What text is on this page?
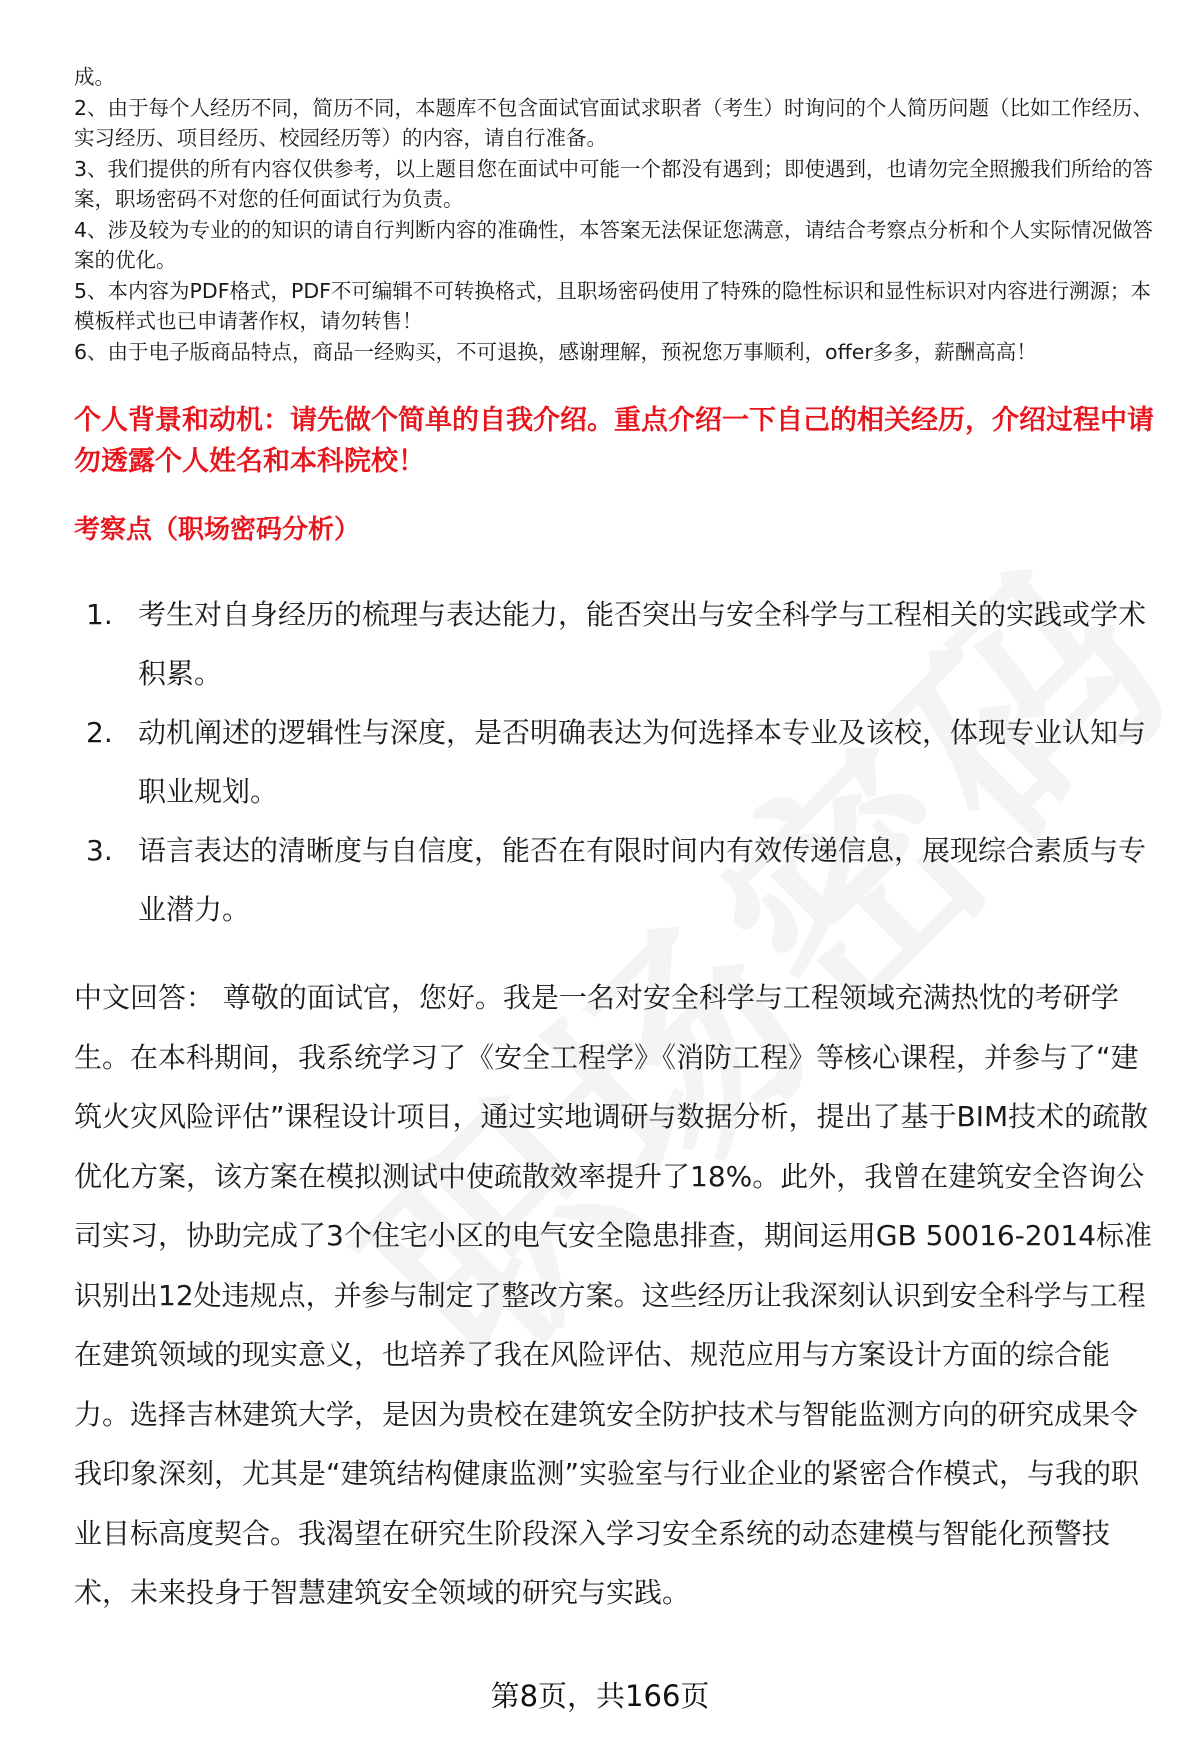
成。

2、由于每个人经历不同，简历不同，本题库不包含面试官面试求职者（考生）时询问的个人简历问题（比如工作经历、实习经历、项目经历、校园经历等）的内容，请自行准备。

3、我们提供的所有内容仅供参考，以上题目您在面试中可能一个都没有遇到；即使遇到，也请勿完全照搬我们所给的答案，职场密码不对您的任何面试行为负责。

4、涉及较为专业的的知识的请自行判断内容的准确性，本答案无法保证您满意，请结合考察点分析和个人实际情况做答案的优化。

5、本内容为PDF格式，PDF不可编辑不可转换格式，且职场密码使用了特殊的隐性标识和显性标识对内容进行溯源；本模板样式也已申请著作权，请勿转售！

6、由于电子版商品特点，商品一经购买，不可退换，感谢理解，预祝您万事顺利，offer多多，薪酬高高！

个人背景和动机：请先做个简单的自我介绍。重点介绍一下自己的相关经历，介绍过程中请勿透露个人姓名和本科院校！
考察点（职场密码分析）
1. 考生对自身经历的梳理与表达能力，能否突出与安全科学与工程相关的实践或学术积累。
2. 动机阐述的逻辑性与深度，是否明确表达为何选择本专业及该校，体现专业认知与职业规划。
3. 语言表达的清晰度与自信度，能否在有限时间内有效传递信息，展现综合素质与专业潜力。

中文回答： 尊敬的面试官，您好。我是一名对安全科学与工程领域充满热忱的考研学生。在本科期间，我系统学习了《安全工程学》《消防工程》等核心课程，并参与了“建筑火灾风险评估”课程设计项目，通过实地调研与数据分析，提出了基于BIM技术的疏散优化方案，该方案在模拟测试中使疏散效率提升了18%。此外，我曾在建筑安全咨询公司实习，协助完成了3个住宅小区的电气安全隐患排查，期间运用GB 50016-2014标准识别出12处违规点，并参与制定了整改方案。这些经历让我深刻认识到安全科学与工程在建筑领域的现实意义，也培养了我在风险评估、规范应用与方案设计方面的综合能力。选择吉林建筑大学，是因为贵校在建筑安全防护技术与智能监测方向的研究成果令我印象深刻，尤其是“建筑结构健康监测”实验室与行业企业的紧密合作模式，与我的职业目标高度契合。我渴望在研究生阶段深入学习安全系统的动态建模与智能化预警技术，未来投身于智慧建筑安全领域的研究与实践。

第8页，共166页
